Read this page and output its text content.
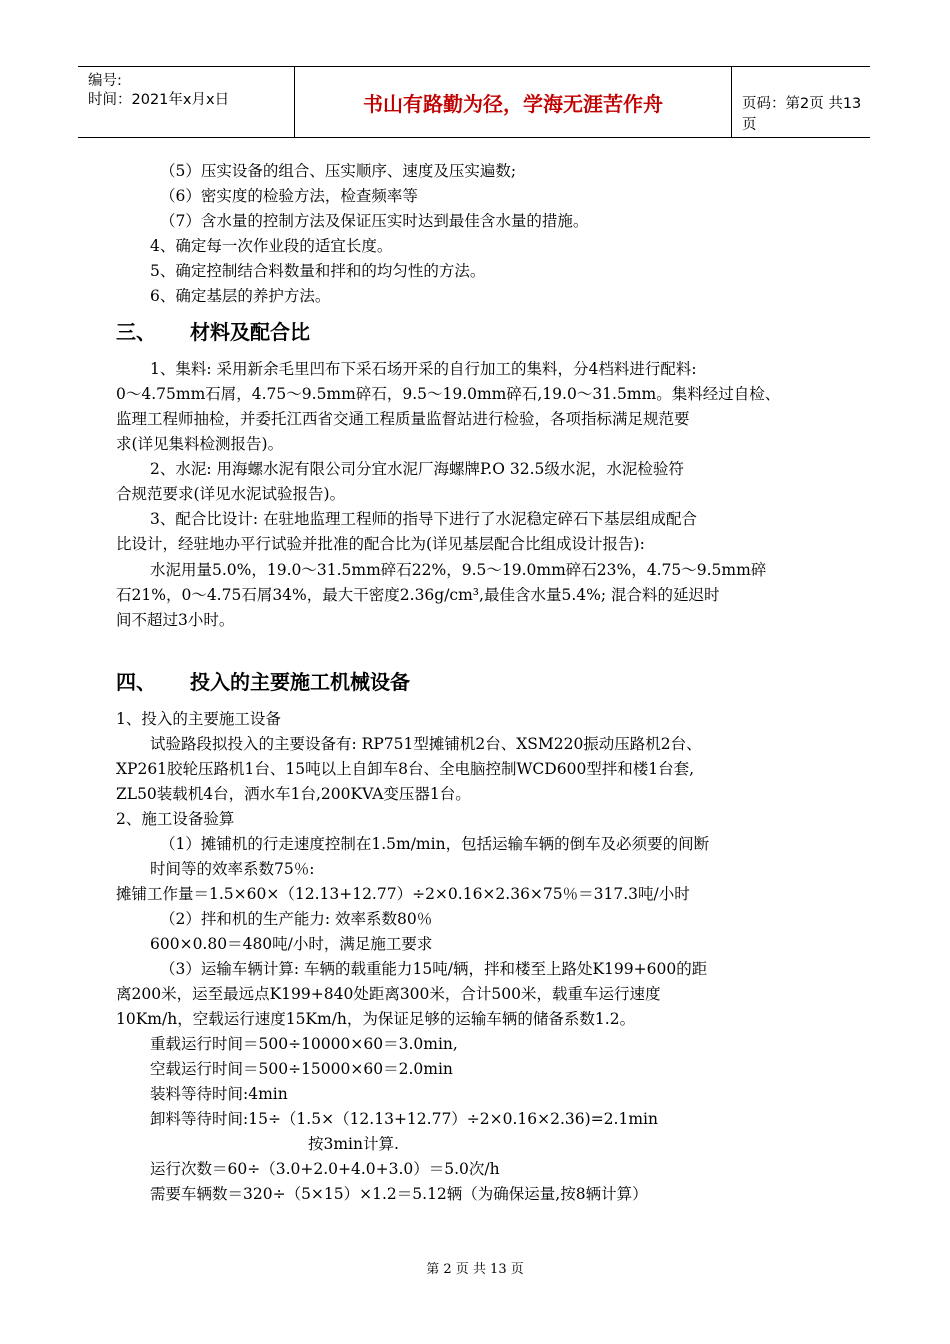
编号:
时间：2021年x月x日	书山有路勤为径，学海无涯苦作舟	页码：第2页 共13页
（5）压实设备的组合、压实顺序、速度及压实遍数;
（6）密实度的检验方法，检查频率等
（7）含水量的控制方法及保证压实时达到最佳含水量的措施。
4、确定每一次作业段的适宜长度。
5、确定控制结合料数量和拌和的均匀性的方法。
6、确定基层的养护方法。
三、 材料及配合比
1、集料: 采用新余毛里凹布下采石场开采的自行加工的集料，分4档料进行配料:
0～4.75mm石屑，4.75～9.5mm碎石，9.5～19.0mm碎石,19.0～31.5mm。集料经过自检、
监理工程师抽检，并委托江西省交通工程质量监督站进行检验，各项指标满足规范要
求(详见集料检测报告)。
2、水泥: 用海螺水泥有限公司分宜水泥厂海螺牌P.O 32.5级水泥，水泥检验符
合规范要求(详见水泥试验报告)。
3、配合比设计: 在驻地监理工程师的指导下进行了水泥稳定碎石下基层组成配合
比设计，经驻地办平行试验并批准的配合比为(详见基层配合比组成设计报告):
水泥用量5.0%，19.0～31.5mm碎石22%，9.5～19.0mm碎石23%，4.75～9.5mm碎
石21%，0～4.75石屑34%，最大干密度2.36g/cm³,最佳含水量5.4%; 混合料的延迟时
间不超过3小时。
四、 投入的主要施工机械设备
1、投入的主要施工设备
试验路段拟投入的主要设备有: RP751型摊铺机2台、XSM220振动压路机2台、
XP261胶轮压路机1台、15吨以上自卸车8台、全电脑控制WCD600型拌和楼1台套,
ZL50装载机4台，洒水车1台,200KVA变压器1台。
2、施工设备验算
（1）摊铺机的行走速度控制在1.5m/min，包括运输车辆的倒车及必须要的间断
时间等的效率系数75％:
摊铺工作量＝1.5×60×（12.13+12.77）÷2×0.16×2.36×75％＝317.3吨/小时
（2）拌和机的生产能力: 效率系数80％
600×0.80＝480吨/小时，满足施工要求
（3）运输车辆计算: 车辆的载重能力15吨/辆，拌和楼至上路处K199+600的距
离200米，运至最远点K199+840处距离300米，合计500米，载重车运行速度
10Km/h，空载运行速度15Km/h，为保证足够的运输车辆的储备系数1.2。
重载运行时间＝500÷10000×60＝3.0min,
空载运行时间＝500÷15000×60＝2.0min
装料等待时间:4min
卸料等待时间:15÷（1.5×（12.13+12.77）÷2×0.16×2.36)=2.1min
按3min计算.
运行次数＝60÷（3.0+2.0+4.0+3.0）＝5.0次/h
需要车辆数＝320÷（5×15）×1.2＝5.12辆（为确保运量,按8辆计算）
第 2 页 共 13 页
